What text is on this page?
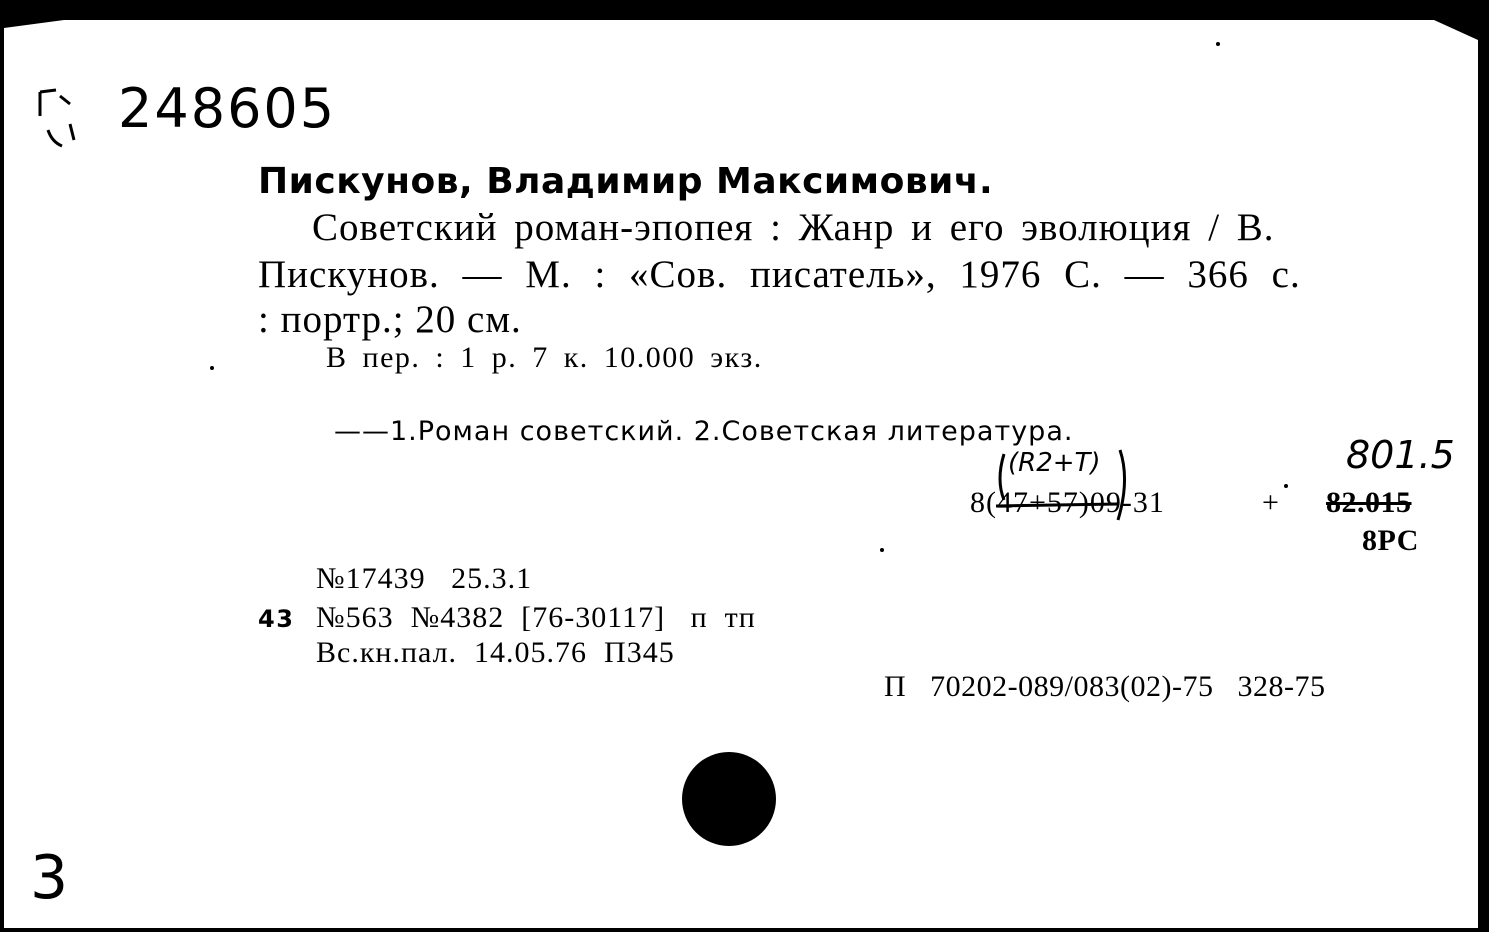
248605
Пискунов, Владимир Максимович.
Советский роман-эпопея : Жанр и его эволюция / В.
Пискунов. — М. : «Сов. писатель», 1976 С. — 366 с.
: портр.; 20 см.
В пер. : 1 р. 7 к. 10.000 экз.
——1.Роман советский. 2.Советская литература.
(R2+T)
8(47+57)09-31	+
801.5
82.015
8РС
№17439   25.3.1
43 №563  №4382  [76-30117]   п  тп
Вс.кн.пал.  14.05.76  П345
П   70202-089/083(02)-75   328-75
3
